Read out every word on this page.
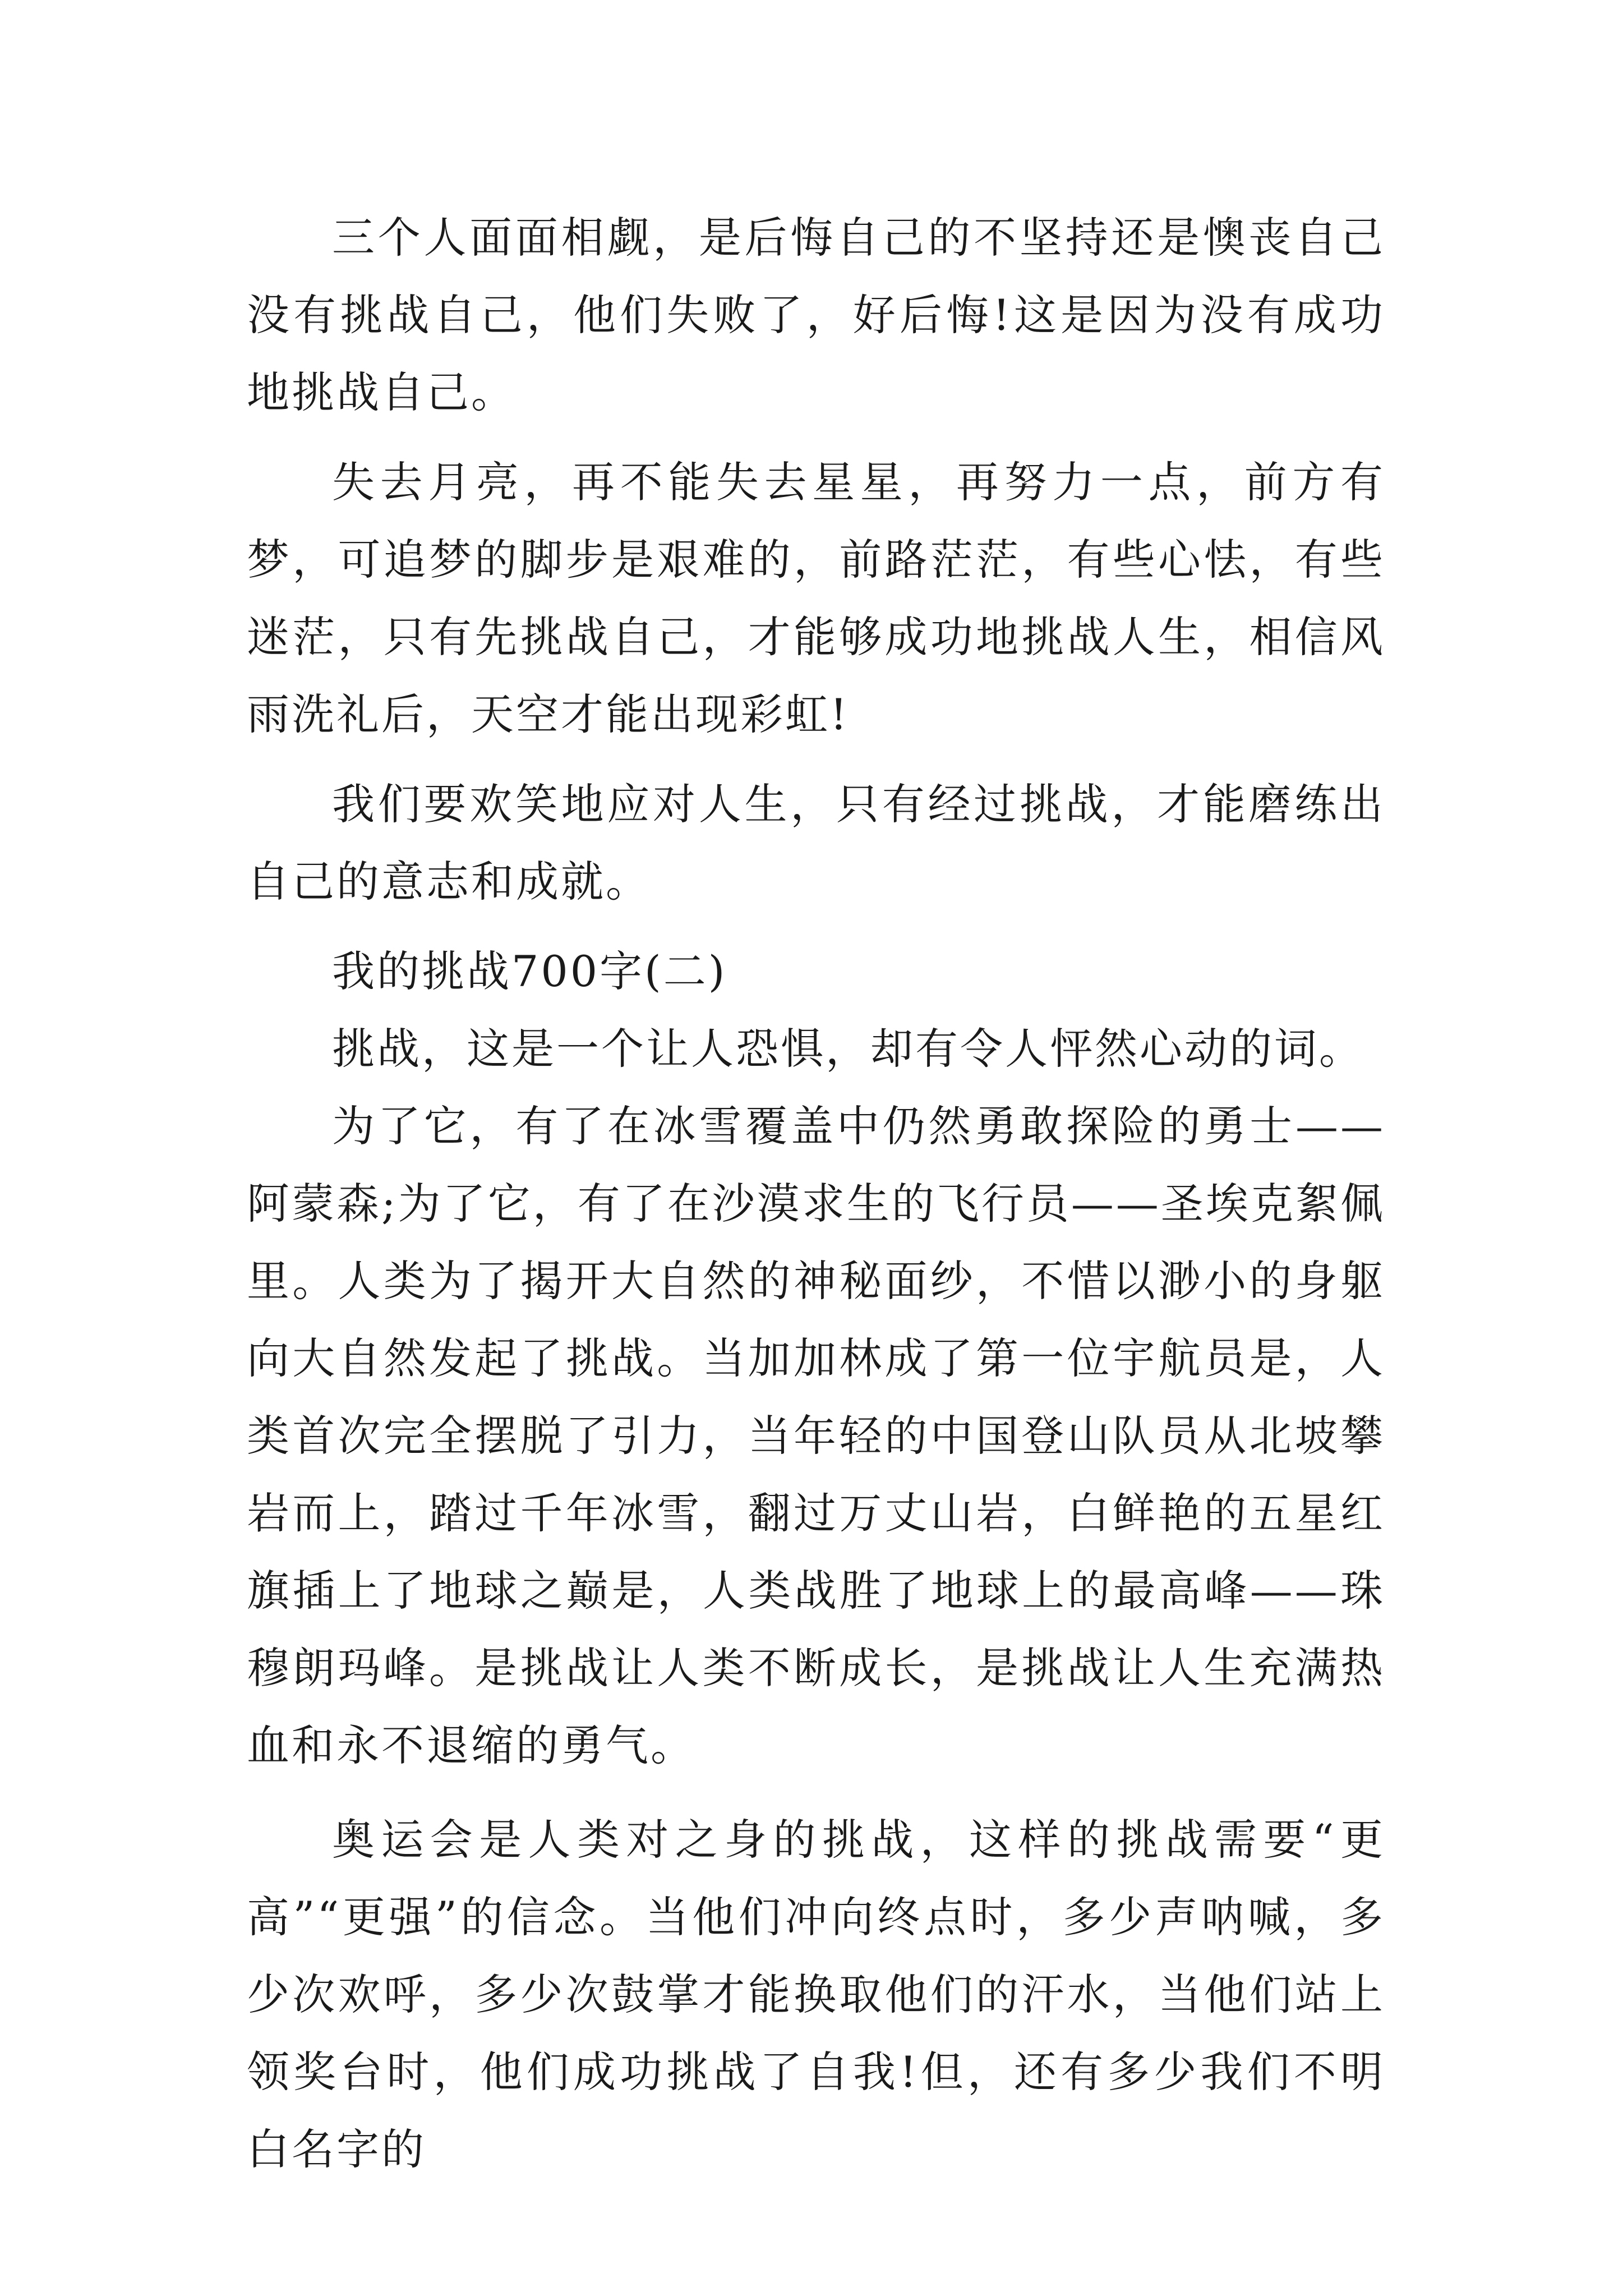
三个人面面相觑，是后悔自己的不坚持还是懊丧自己没有挑战自己，他们失败了，好后悔!这是因为没有成功地挑战自己。

失去月亮，再不能失去星星，再努力一点，前方有梦，可追梦的脚步是艰难的，前路茫茫，有些心怯，有些迷茫，只有先挑战自己，才能够成功地挑战人生，相信风雨洗礼后，天空才能出现彩虹!

我们要欢笑地应对人生，只有经过挑战，才能磨练出自己的意志和成就。

我的挑战700字(二)

挑战，这是一个让人恐惧，却有令人怦然心动的词。

为了它，有了在冰雪覆盖中仍然勇敢探险的勇士——阿蒙森;为了它，有了在沙漠求生的飞行员——圣埃克絮佩里。人类为了揭开大自然的神秘面纱，不惜以渺小的身躯向大自然发起了挑战。当加加林成了第一位宇航员是，人类首次完全摆脱了引力，当年轻的中国登山队员从北坡攀岩而上，踏过千年冰雪，翻过万丈山岩，白鲜艳的五星红旗插上了地球之巅是，人类战胜了地球上的最高峰——珠穆朗玛峰。是挑战让人类不断成长，是挑战让人生充满热血和永不退缩的勇气。

奥运会是人类对之身的挑战，这样的挑战需要“更高”“更强”的信念。当他们冲向终点时，多少声呐喊，多少次欢呼，多少次鼓掌才能换取他们的汗水，当他们站上领奖台时，他们成功挑战了自我!但，还有多少我们不明白名字的
